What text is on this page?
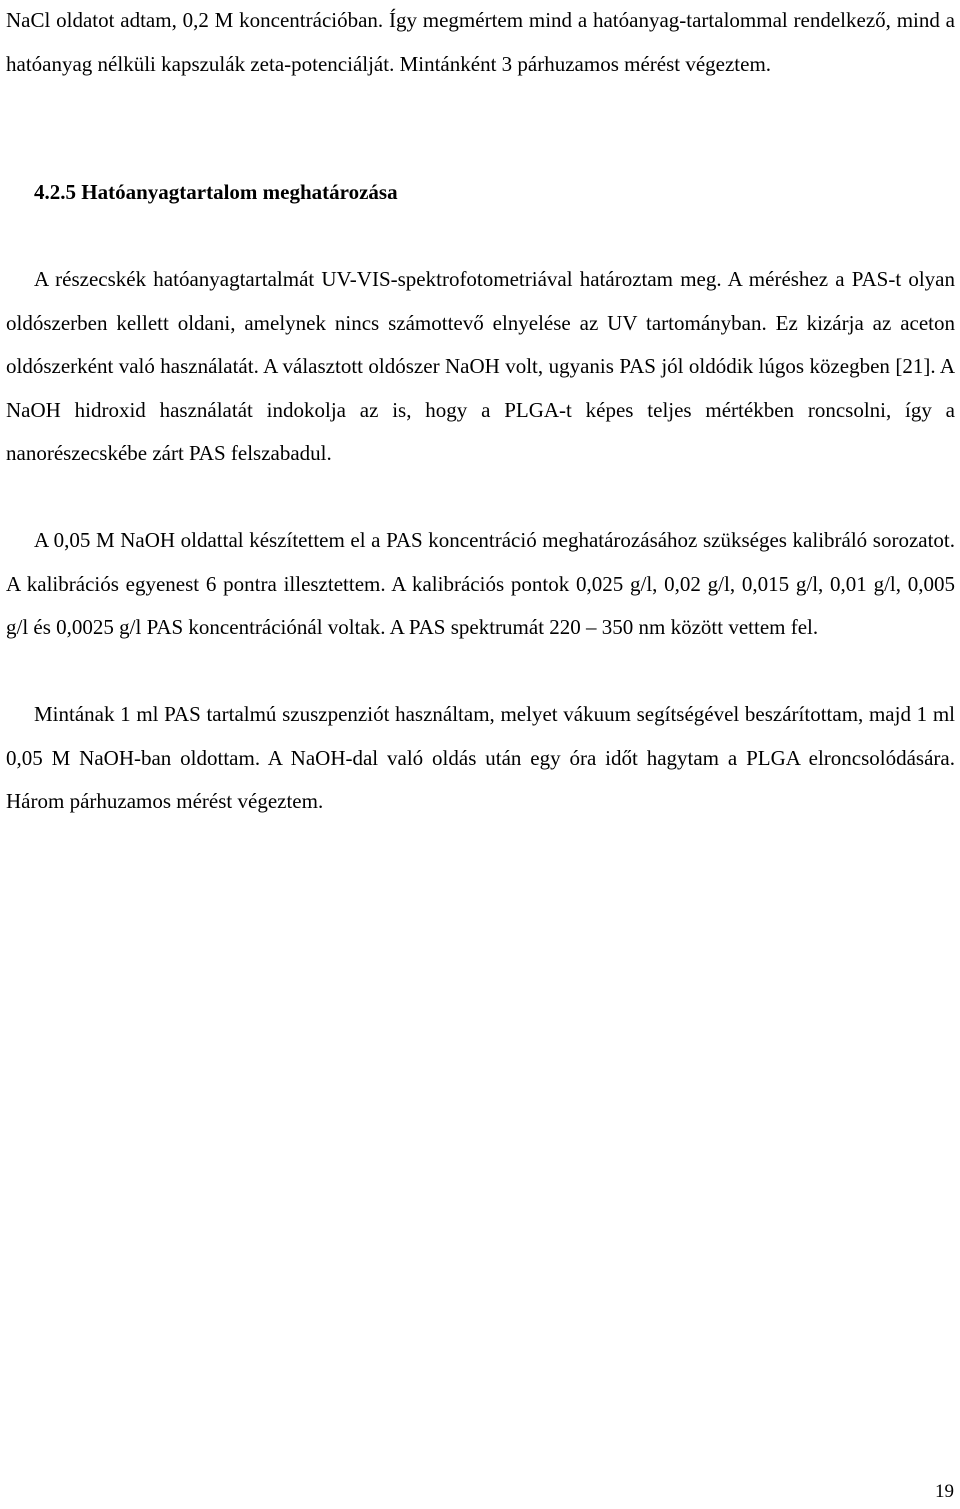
NaCl oldatot adtam, 0,2 M koncentrációban. Így megmértem mind a hatóanyag-tartalommal rendelkező, mind a hatóanyag nélküli kapszulák zeta-potenciálját. Mintánként 3 párhuzamos mérést végeztem.

4.2.5 Hatóanyagtartalom meghatározása

A részecskék hatóanyagtartalmát UV-VIS-spektrofotometriával határoztam meg. A méréshez a PAS-t olyan oldószerben kellett oldani, amelynek nincs számottevő elnyelése az UV tartományban. Ez kizárja az aceton oldószerként való használatát. A választott oldószer NaOH volt, ugyanis PAS jól oldódik lúgos közegben [21]. A NaOH hidroxid használatát indokolja az is, hogy a PLGA-t képes teljes mértékben roncsolni, így a nanorészecskébe zárt PAS felszabadul.

A 0,05 M NaOH oldattal készítettem el a PAS koncentráció meghatározásához szükséges kalibráló sorozatot. A kalibrációs egyenest 6 pontra illesztettem. A kalibrációs pontok 0,025 g/l, 0,02 g/l, 0,015 g/l, 0,01 g/l, 0,005 g/l és 0,0025 g/l PAS koncentrációnál voltak. A PAS spektrumát 220 – 350 nm között vettem fel.

Mintának 1 ml PAS tartalmú szuszpenziót használtam, melyet vákuum segítségével beszárítottam, majd 1 ml 0,05 M NaOH-ban oldottam. A NaOH-dal való oldás után egy óra időt hagytam a PLGA elroncsolódására. Három párhuzamos mérést végeztem.

19
